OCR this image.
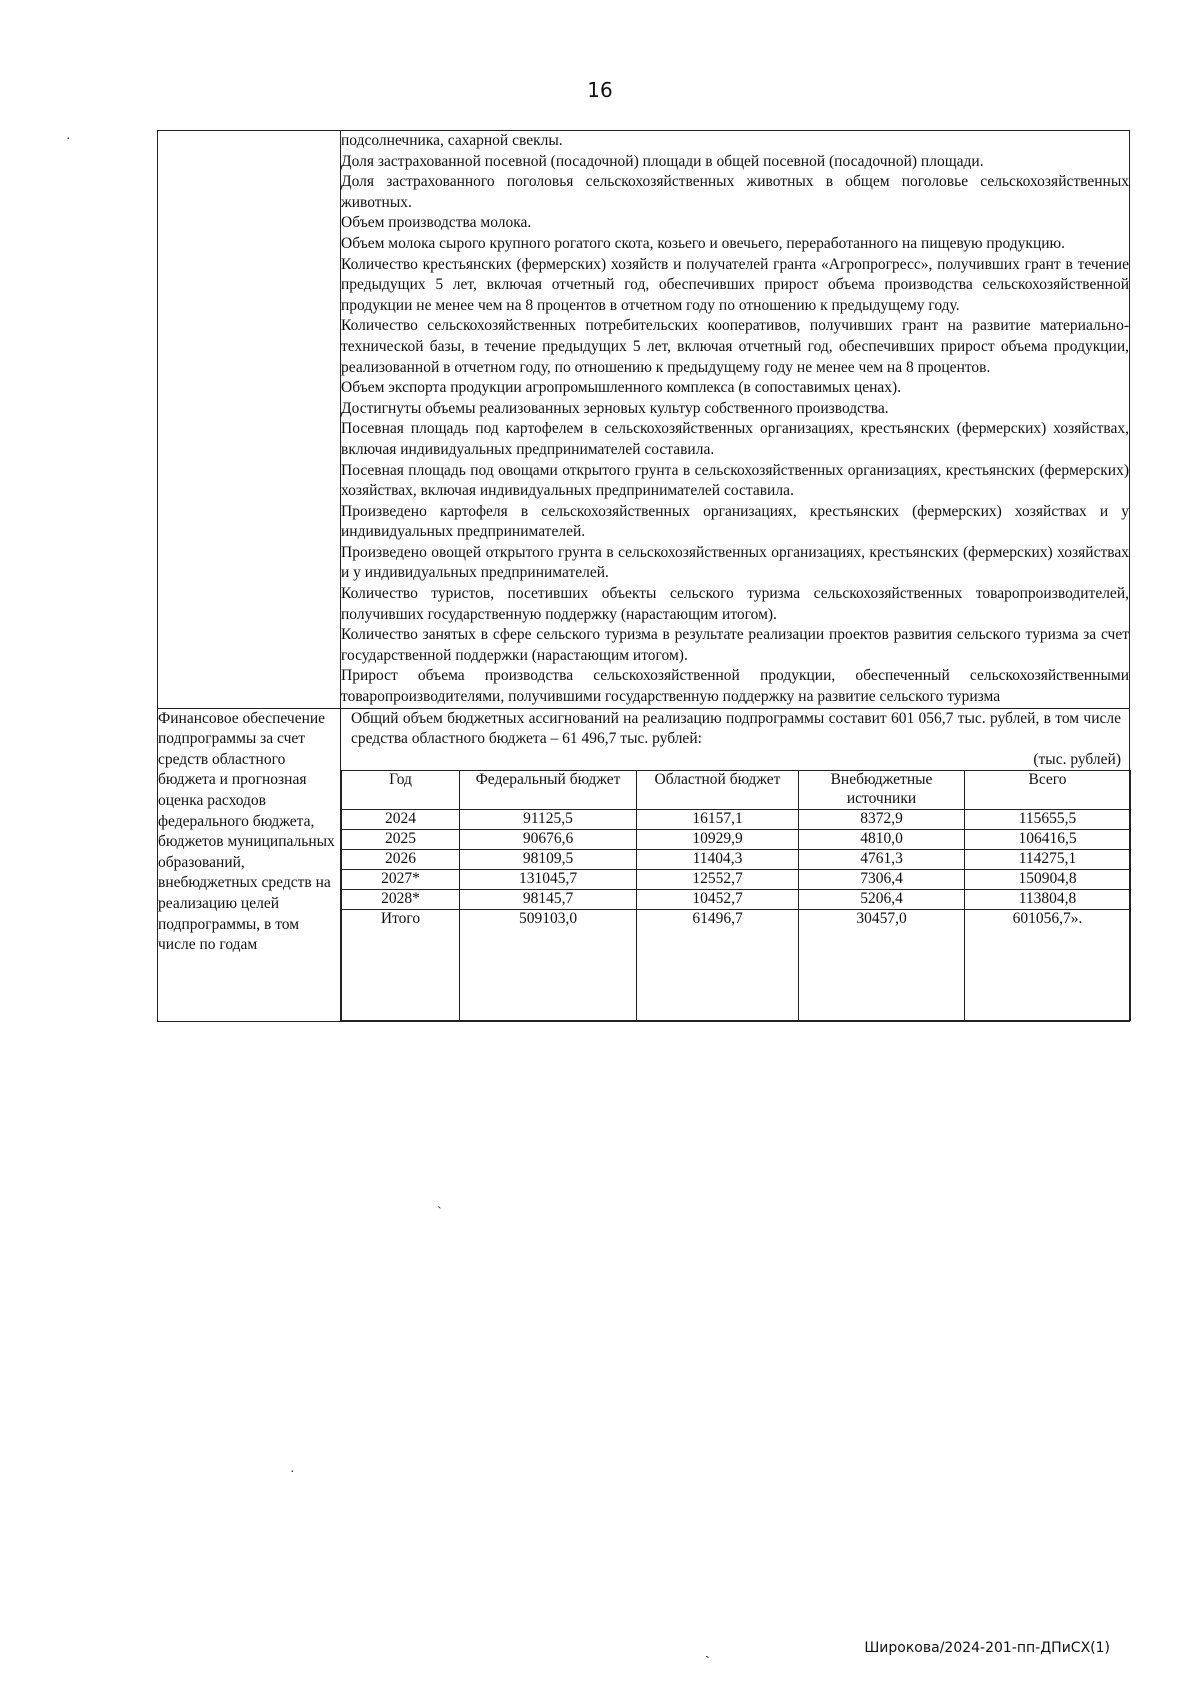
16

подсолнечника, сахарной свеклы.

Доля застрахованной посевной (посадочной) площади в общей посевной (посадочной) площади.

Доля застрахованного поголовья сельскохозяйственных животных в общем поголовье сельскохозяйственных животных.

Объем производства молока.

Объем молока сырого крупного рогатого скота, козьего и овечьего, переработанного на пищевую продукцию.

Количество крестьянских (фермерских) хозяйств и получателей гранта «Агропрогресс», получивших грант в течение предыдущих 5 лет, включая отчетный год, обеспечивших прирост объема производства сельскохозяйственной продукции не менее чем на 8 процентов в отчетном году по отношению к предыдущему году.

Количество сельскохозяйственных потребительских кооперативов, получивших грант на развитие материально-технической базы, в течение предыдущих 5 лет, включая отчетный год, обеспечивших прирост объема продукции, реализованной в отчетном году, по отношению к предыдущему году не менее чем на 8 процентов.

Объем экспорта продукции агропромышленного комплекса (в сопоставимых ценах).

Достигнуты объемы реализованных зерновых культур собственного производства.

Посевная площадь под картофелем в сельскохозяйственных организациях, крестьянских (фермерских) хозяйствах, включая индивидуальных предпринимателей составила.

Посевная площадь под овощами открытого грунта в сельскохозяйственных организациях, крестьянских (фермерских) хозяйствах, включая индивидуальных предпринимателей составила.

Произведено картофеля в сельскохозяйственных организациях, крестьянских (фермерских) хозяйствах и у индивидуальных предпринимателей.

Произведено овощей открытого грунта в сельскохозяйственных организациях, крестьянских (фермерских) хозяйствах и у индивидуальных предпринимателей.

Количество туристов, посетивших объекты сельского туризма сельскохозяйственных товаропроизводителей, получивших государственную поддержку (нарастающим итогом).

Количество занятых в сфере сельского туризма в результате реализации проектов развития сельского туризма за счет государственной поддержки (нарастающим итогом).

Прирост объема производства сельскохозяйственной продукции, обеспеченный сельскохозяйственными товаропроизводителями, получившими государственную поддержку на развитие сельского туризма

Финансовое обеспечение подпрограммы за счет средств областного бюджета и прогнозная оценка расходов федерального бюджета, бюджетов муниципальных образований, внебюджетных средств на реализацию целей подпрограммы, в том числе по годам	
Общий объем бюджетных ассигнований на реализацию подпрограммы составит 601 056,7 тыс. рублей, в том числе средства областного бюджета – 61 496,7 тыс. рублей:
(тыс. рублей)
Год	Федеральный бюджет	Областной бюджет	Внебюджетные источники	Всего
2024	91125,5	16157,1	8372,9	115655,5
2025	90676,6	10929,9	4810,0	106416,5
2026	98109,5	11404,3	4761,3	114275,1
2027*	131045,7	12552,7	7306,4	150904,8
2028*	98145,7	10452,7	5206,4	113804,8
Итого	509103,0	61496,7	30457,0	601056,7».
·
ˋ
·
ˏ	Широкова/2024-201-пп-ДПиСХ(1)
